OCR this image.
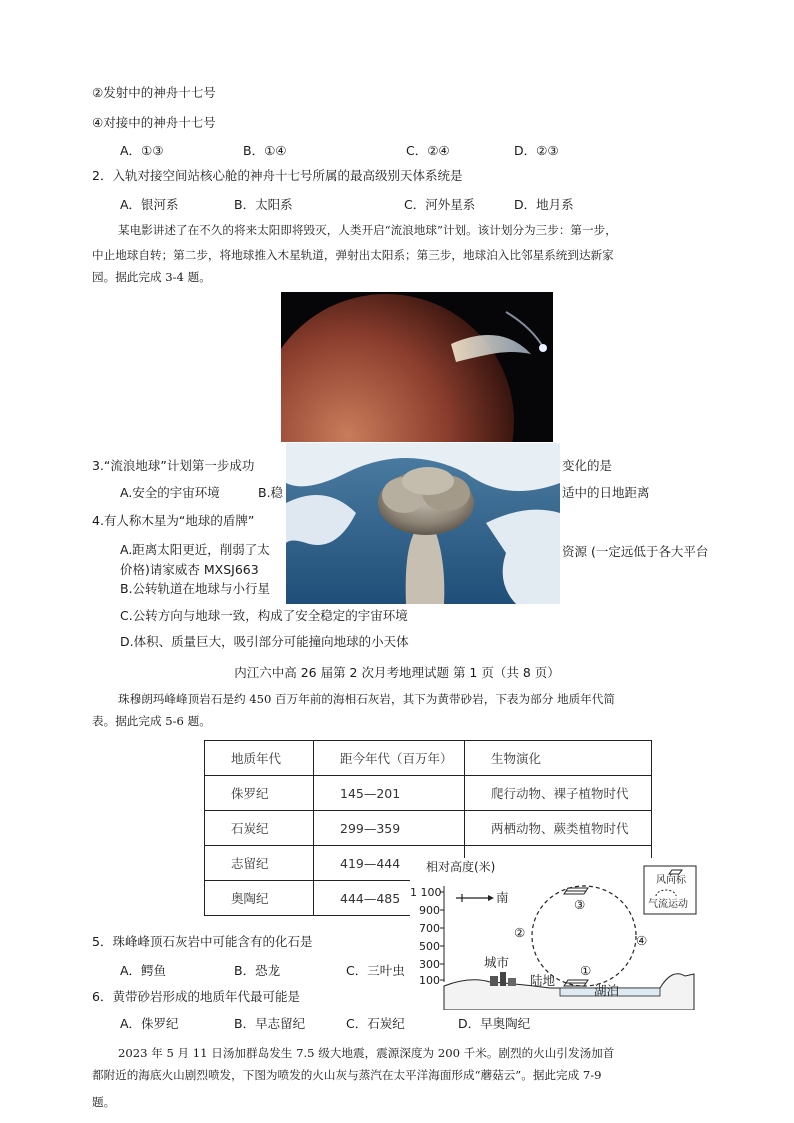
②发射中的神舟十七号
④对接中的神舟十七号
A．①③	B．①④	C．②④	D．②③
2．入轨对接空间站核心舱的神舟十七号所属的最高级别天体系统是
A．银河系	B．太阳系	C．河外星系	D．地月系
某电影讲述了在不久的将来太阳即将毁灭，人类开启“流浪地球”计划。该计划分为三步：第一步，
中止地球自转；第二步，将地球推入木星轨道，弹射出太阳系；第三步，地球泊入比邻星系统到达新家
园。据此完成 3-4 题。
3.“流浪地球”计划第一步成功	变化的是
A.安全的宇宙环境	B.稳	适中的日地距离
4.有人称木星为“地球的盾牌”
A.距离太阳更近，削弱了太	资源 (一定远低于各大平台
价格)请家威杏 MXSJ663
B.公转轨道在地球与小行星
C.公转方向与地球一致，构成了安全稳定的宇宙环境
D.体积、质量巨大，吸引部分可能撞向地球的小天体
内江六中高 26 届第 2 次月考地理试题 第 1 页（共 8 页）
珠穆朗玛峰峰顶岩石是约 450 百万年前的海相石灰岩，其下为黄带砂岩，下表为部分 地质年代简
表。据此完成 5-6 题。
地质年代	距今年代（百万年）	生物演化
侏罗纪	145—201	爬行动物、裸子植物时代
石炭纪	299—359	两栖动物、蕨类植物时代
志留纪	419—444	
奥陶纪	444—485	
相对高度(米)
1 100
900
700
500
300
100
南	③
②
④
①
城市
陆地
湖泊
风向标
气流运动
5．珠峰峰顶石灰岩中可能含有的化石是
A．鳄鱼	B．恐龙	C．三叶虫
6．黄带砂岩形成的地质年代最可能是
A．侏罗纪	B．早志留纪	C．石炭纪	D．早奥陶纪
2023 年 5 月 11 日汤加群岛发生 7.5 级大地震，震源深度为 200 千米。剧烈的火山引发汤加首
都附近的海底火山剧烈喷发，下图为喷发的火山灰与蒸汽在太平洋海面形成“蘑菇云”。据此完成 7-9
题。
